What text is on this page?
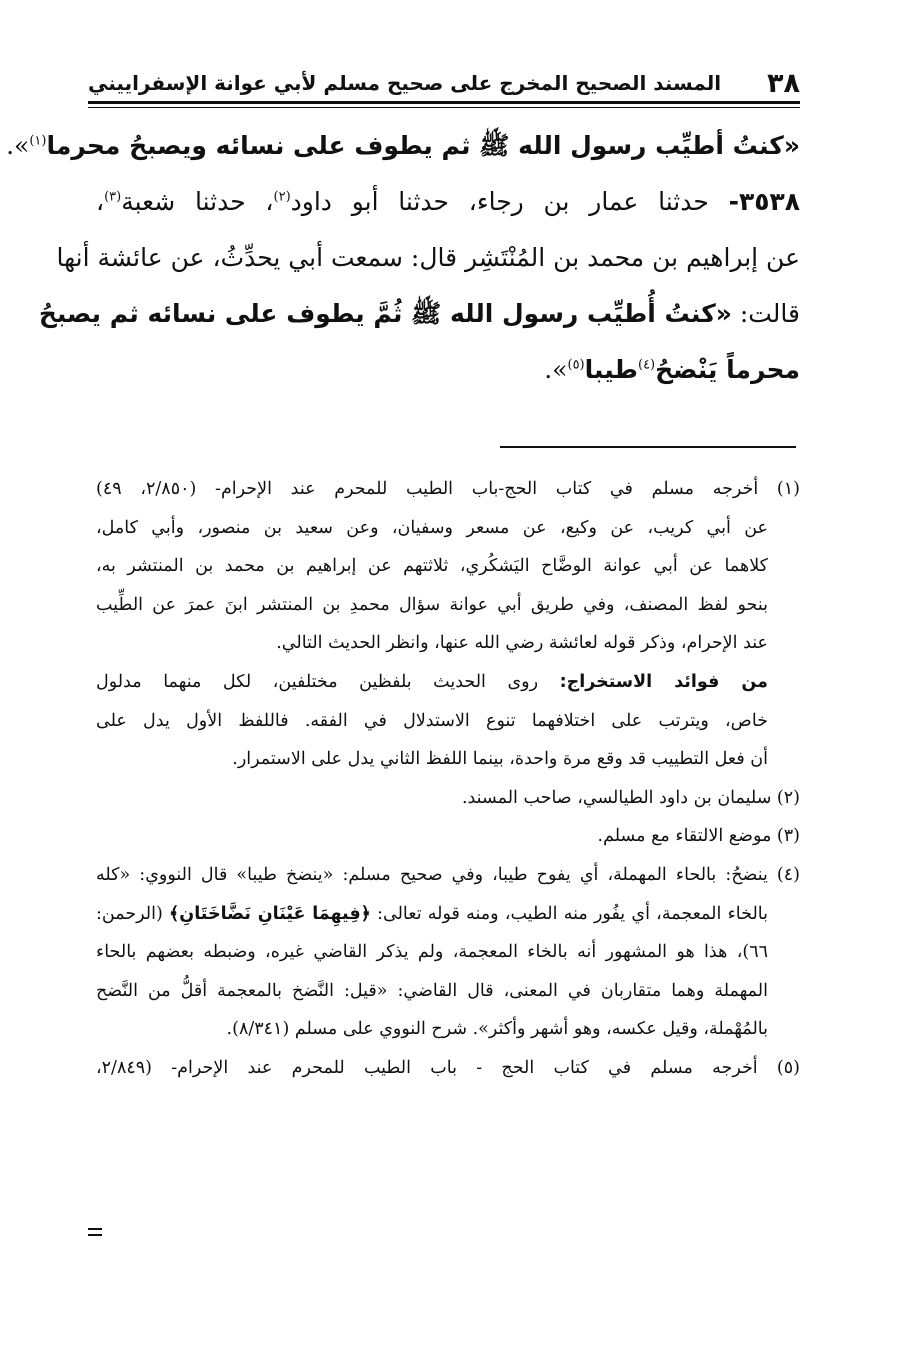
٣٨
المسند الصحيح المخرج على صحيح مسلم لأبي عوانة الإسفراييني
«كنتُ أطيِّب رسول الله ﷺ ثم يطوف على نسائه ويصبحُ محرما$^{(١)}$».
٣٥٣٨- حدثنا عمار بن رجاء، حدثنا أبو داود$^{(٢)}$، حدثنا شعبة$^{(٣)}$،
عن إبراهيم بن محمد بن المُنْتَشِر قال: سمعت أبي يحدِّثُ، عن عائشة أنها
قالت: «كنتُ أُطيِّب رسول الله ﷺ ثُمَّ يطوف على نسائه ثم يصبحُ
محرماً يَنْضحُ$^{(٤)}$طيبا$^{(٥)}$».
(١) أخرجه مسلم في كتاب الحج-باب الطيب للمحرم عند الإحرام- (٢/٨٥٠، ٤٩)
عن أبي كريب، عن وكيع، عن مسعر وسفيان، وعن سعيد بن منصور، وأبي كامل،
كلاهما عن أبي عوانة الوضَّاح اليَشكُري، ثلاثتهم عن إبراهيم بن محمد بن المنتشر به،
بنحو لفظ المصنف، وفي طريق أبي عوانة سؤال محمدِ بن المنتشر ابنَ عمرَ عن الطِّيب
عند الإحرام، وذكر قوله لعائشة رضي الله عنها، وانظر الحديث التالي.
من فوائد الاستخراج: روى الحديث بلفظين مختلفين، لكل منهما مدلول
خاص، ويترتب على اختلافهما تنوع الاستدلال في الفقه. فاللفظ الأول يدل على
أن فعل التطييب قد وقع مرة واحدة، بينما اللفظ الثاني يدل على الاستمرار.
(٢) سليمان بن داود الطيالسي، صاحب المسند.
(٣) موضع الالتقاء مع مسلم.
(٤) ينضحُ: بالحاء المهملة، أي يفوح طيبا، وفي صحيح مسلم: «ينضخ طيبا» قال النووي: «كله
بالخاء المعجمة، أي يفُور منه الطيب، ومنه قوله تعالى: ﴿فِيهِمَا عَيْنَانِ نَضَّاخَتَانِ﴾ (الرحمن:
٦٦)، هذا هو المشهور أنه بالخاء المعجمة، ولم يذكر القاضي غيره، وضبطه بعضهم بالحاء
المهملة وهما متقاربان في المعنى، قال القاضي: «قيل: النَّضخ بالمعجمة أقلُّ من النَّضح
بالمُهْملة، وقيل عكسه، وهو أشهر وأكثر». شرح النووي على مسلم (٨/٣٤١).
(٥) أخرجه مسلم في كتاب الحج - باب الطيب للمحرم عند الإحرام- (٢/٨٤٩،
